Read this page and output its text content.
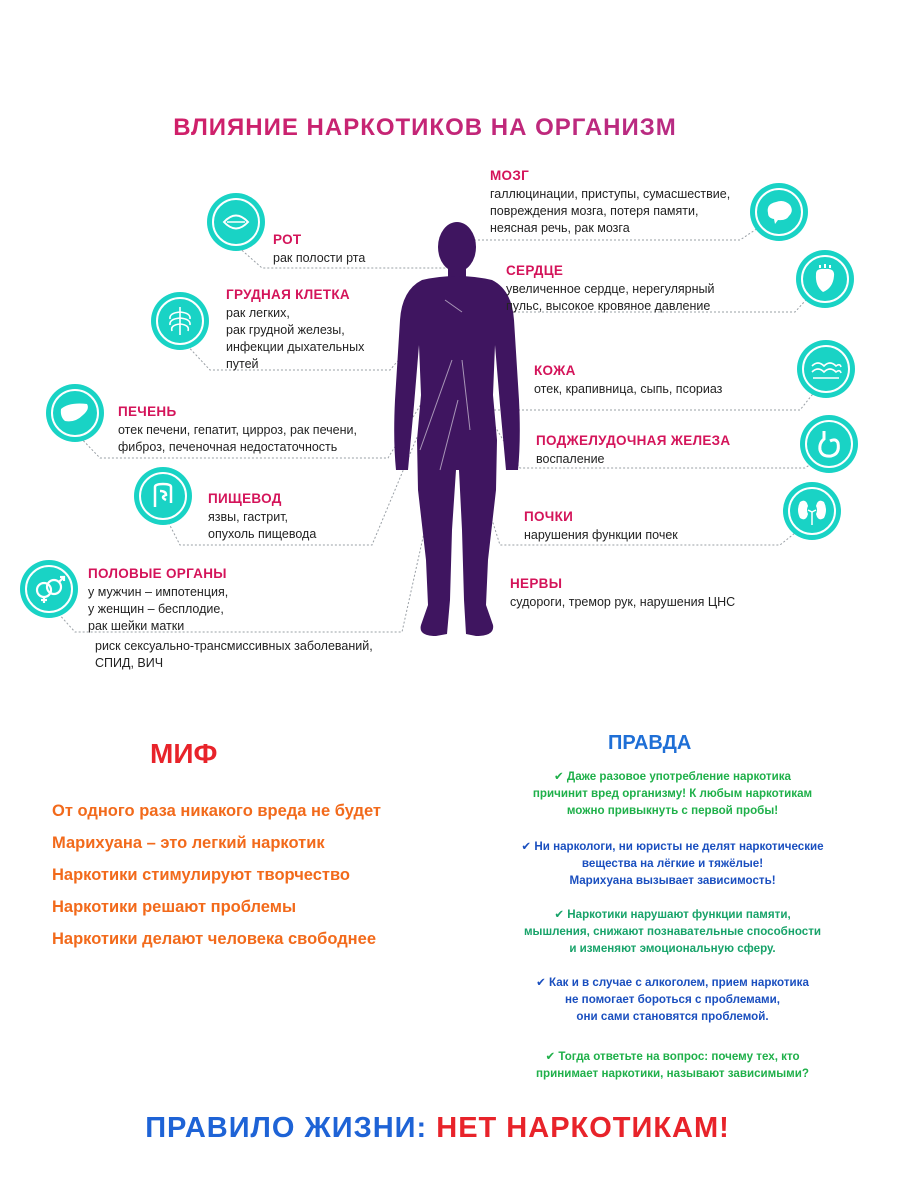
ВЛИЯНИЕ НАРКОТИКОВ НА ОРГАНИЗМ
РОТ
рак полости рта
ГРУДНАЯ КЛЕТКА
рак легких,
рак грудной железы,
инфекции дыхательных
путей
ПЕЧЕНЬ
отек печени, гепатит, цирроз, рак печени,
фиброз, печеночная недостаточность
ПИЩЕВОД
язвы, гастрит,
опухоль пищевода
ПОЛОВЫЕ ОРГАНЫ
у мужчин – импотенция,
у женщин – бесплодие,
рак шейки матки
риск сексуально-трансмиссивных заболеваний,
СПИД, ВИЧ
МОЗГ
галлюцинации, приступы, сумасшествие,
повреждения мозга, потеря памяти,
неясная речь, рак мозга
СЕРДЦЕ
увеличенное сердце, нерегулярный
пульс, высокое кровяное давление
КОЖА
отек, крапивница, сыпь, псориаз
ПОДЖЕЛУДОЧНАЯ ЖЕЛЕЗА
воспаление
ПОЧКИ
нарушения функции почек
НЕРВЫ
судороги, тремор рук, нарушения ЦНС
МИФ
От одного раза никакого вреда не будет
Марихуана – это легкий наркотик
Наркотики стимулируют творчество
Наркотики решают проблемы
Наркотики делают человека свободнее
ПРАВДА
✔ Даже разовое употребление наркотика
причинит вред организму! К любым наркотикам
можно привыкнуть с первой пробы!
✔ Ни наркологи, ни юристы не делят наркотические
вещества на лёгкие и тяжёлые!
Марихуана вызывает зависимость!
✔ Наркотики нарушают функции памяти,
мышления, снижают познавательные способности
и изменяют эмоциональную сферу.
✔ Как и в случае с алкоголем, прием наркотика
не помогает бороться с проблемами,
они сами становятся проблемой.
✔ Тогда ответьте на вопрос: почему тех, кто
принимает наркотики, называют зависимыми?
ПРАВИЛО ЖИЗНИ: НЕТ НАРКОТИКАМ!
